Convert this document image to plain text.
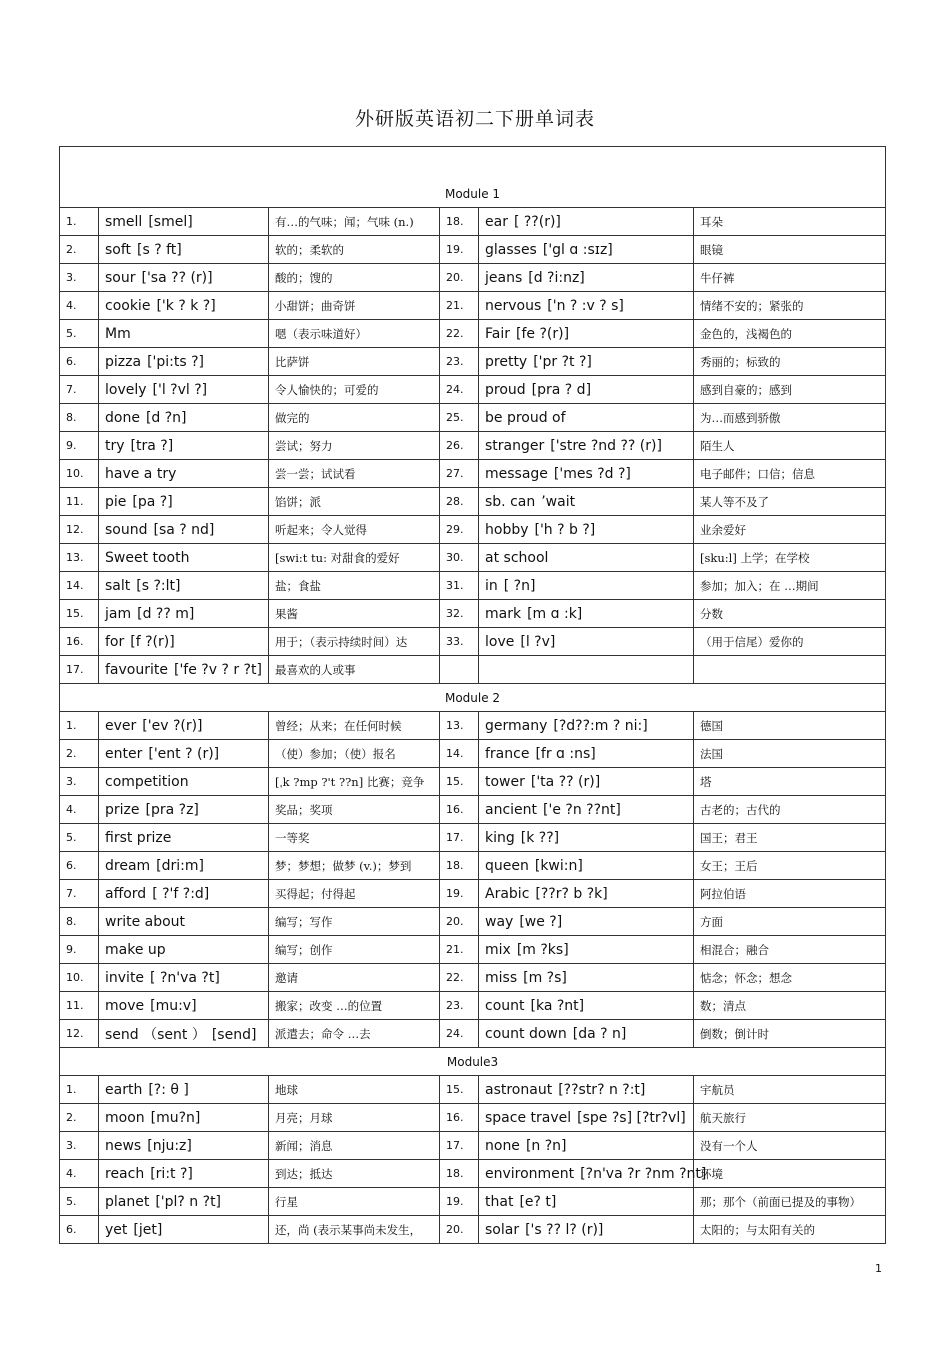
外研版英语初二下册单词表
Module 1					
1.	smell [smel]	有…的气味；闻；气味 (n.)	18.	ear [ ??(r)]	耳朵
2.	soft [s ? ft]	软的；柔软的	19.	glasses ['gl ɑ :sɪz]	眼镜
3.	sour ['sa ?? (r)]	酸的；馊的	20.	jeans [d ?i:nz]	牛仔裤
4.	cookie ['k ? k ?]	小甜饼；曲奇饼	21.	nervous ['n ? :v ? s]	情绪不安的；紧张的
5.	Mm	嗯（表示味道好）	22.	Fair [fe ?(r)]	金色的，浅褐色的
6.	pizza ['pi:ts ?]	比萨饼	23.	pretty ['pr ?t ?]	秀丽的；标致的
7.	lovely ['l ?vl ?]	令人愉快的；可爱的	24.	proud [pra ? d]	感到自豪的；感到
8.	done [d ?n]	做完的	25.	be proud of	为…而感到骄傲
9.	try [tra ?]	尝试；努力	26.	stranger ['stre ?nd ?? (r)]	陌生人
10.	have a try	尝一尝；试试看	27.	message ['mes ?d ?]	电子邮件；口信；信息
11.	pie [pa ?]	馅饼；派	28.	sb. can ’wait	某人等不及了
12.	sound [sa ? nd]	听起来；令人觉得	29.	hobby ['h ? b ?]	业余爱好
13.	Sweet tooth	[swi:t tu: 对甜食的爱好	30.	at school	[sku:l] 上学；在学校
14.	salt [s ?:lt]	盐；食盐	31.	in [ ?n]	参加；加入；在 …期间
15.	jam [d ?? m]	果酱	32.	mark [m ɑ :k]	分数
16.	for [f ?(r)]	用于；（表示持续时间）达	33.	love [l ?v]	（用于信尾）爱你的
17.	favourite ['fe ?v ? r ?t]	最喜欢的人或事			
Module 2					
1.	ever ['ev ?(r)]	曾经；从来；在任何时候	13.	germany [?d??:m ? ni:]	德国
2.	enter ['ent ? (r)]	（使）参加；（使）报名	14.	france [fr ɑ :ns]	法国
3.	competition	[ˌk ?mp ?'t ??n] 比赛；竞争	15.	tower ['ta ?? (r)]	塔
4.	prize [pra ?z]	奖品；奖项	16.	ancient ['e ?n ??nt]	古老的；古代的
5.	first prize	一等奖	17.	king [k ??]	国王；君王
6.	dream [dri:m]	梦；梦想；做梦 (v.)；梦到	18.	queen [kwi:n]	女王；王后
7.	afford [ ?'f ?:d]	买得起；付得起	19.	Arabic [??r? b ?k]	阿拉伯语
8.	write about	编写；写作	20.	way [we ?]	方面
9.	make up	编写；创作	21.	mix [m ?ks]	相混合；融合
10.	invite [ ?n'va ?t]	邀请	22.	miss [m ?s]	惦念；怀念；想念
11.	move [mu:v]	搬家；改变 …的位置	23.	count [ka ?nt]	数；清点
12.	send （sent ） [send]	派遣去；命令 …去	24.	count down [da ? n]	倒数；倒计时
Module3					
1.	earth [?: θ ]	地球	15.	astronaut [??str? n ?:t]	宇航员
2.	moon [mu?n]	月亮；月球	16.	space travel [spe ?s] [?tr?vl]	航天旅行
3.	news [nju:z]	新闻；消息	17.	none [n ?n]	没有一个人
4.	reach [ri:t ?]	到达；抵达	18.	environment [?n'va ?r ?nm ?nt]	环境
5.	planet ['pl? n ?t]	行星	19.	that [e? t]	那；那个（前面已提及的事物）
6.	yet [jet]	还，尚 (表示某事尚未发生，	20.	solar ['s ?? l? (r)]	太阳的；与太阳有关的
1
